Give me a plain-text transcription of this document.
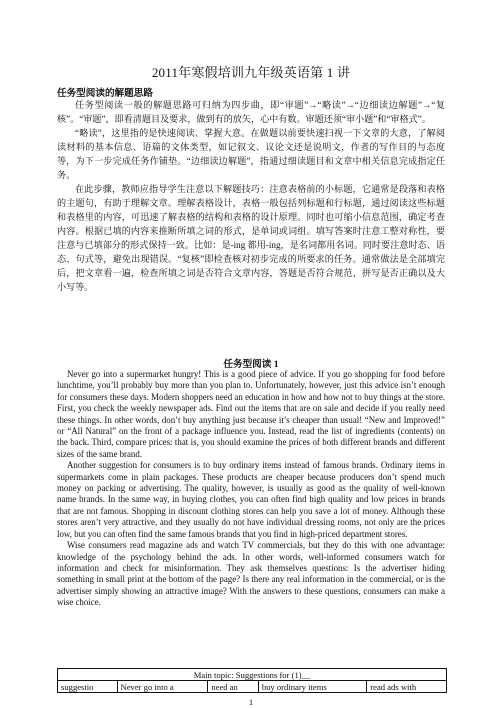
2011年寒假培训九年级英语第 1 讲
任务型阅读的解题思路

任务型阅读一般的解题思路可归纳为四步曲，即“审题”→“略读”→“边细读边解题”→“复核”。“审题”，即看清题目及要求，做到有的放矢，心中有数。审题还须“审小题”和“审格式”。

“略读”，这里指的是快速阅读、掌握大意。在做题以前要快速扫视一下文章的大意，了解阅读材料的基本信息、语篇的文体类型，如记叙文、议论文还是说明文，作者的写作目的与态度等，为下一步完成任务作铺垫。“边细读边解题”，指通过细读题目和文章中相关信息完成指定任务。

在此步骤，教师应指导学生注意以下解题技巧：注意表格前的小标题，它通常是段落和表格的主题句，有助于理解文章。理解表格设计，表格一般包括列标题和行标题，通过阅读这些标题和表格里的内容，可迅速了解表格的结构和表格的设计原理。同时也可缩小信息范围，确定考查内容。根据已填的内容来推断所填之词的形式，是单词或词组。填写答案时注意工整对称性，要注意与已填部分的形式保持一致。比如：是-ing 都用-ing，是名词都用名词。同时要注意时态、语态、句式等，避免出现错误。“复核”即检查核对初步完成的所要求的任务。通常做法是全部填完后，把文章看一遍，检查所填之词是否符合文章内容，答题是否符合规范，拼写是否正确以及大小写等。

任务型阅读 1

Never go into a supermarket hungry! This is a good piece of advice. If you go shopping for food before lunchtime, you’ll probably buy more than you plan to. Unfortunately, however, just this advice isn’t enough for consumers these days. Modern shoppers need an education in how and how not to buy things at the store. First, you check the weekly newspaper ads. Find out the items that are on sale and decide if you really need these things. In other words, don’t buy anything just because it’s cheaper than usual! “New and Improved!” or “All Natural” on the front of a package influence you. Instead, read the list of ingredients (contents) on the back. Third, compare prices: that is, you should examine the prices of both different brands and different sizes of the same brand.

Another suggestion for consumers is to buy ordinary items instead of famous brands. Ordinary items in supermarkets come in plain packages. These products are cheaper because producers don’t spend much money on packing or advertising. The quality, however, is usually as good as the quality of well-known name brands. In the same way, in buying clothes, you can often find high quality and low prices in brands that are not famous. Shopping in discount clothing stores can help you save a lot of money. Although these stores aren’t very attractive, and they usually do not have individual dressing rooms, not only are the prices low, but you can often find the same famous brands that you find in high-priced department stores.

Wise consumers read magazine ads and watch TV commercials, but they do this with one advantage: knowledge of the psychology behind the ads. In other words, well-informed consumers watch for information and check for misinformation. They ask themselves questions: Is the advertiser hiding something in small print at the bottom of the page? Is there any real information in the commercial, or is the advertiser simply showing an attractive image? With the answers to these questions, consumers can make a wise choice.

Main topic: Suggestions for (1)__
suggestio	Never go into a	need an	buy ordinary items	read ads with
1
